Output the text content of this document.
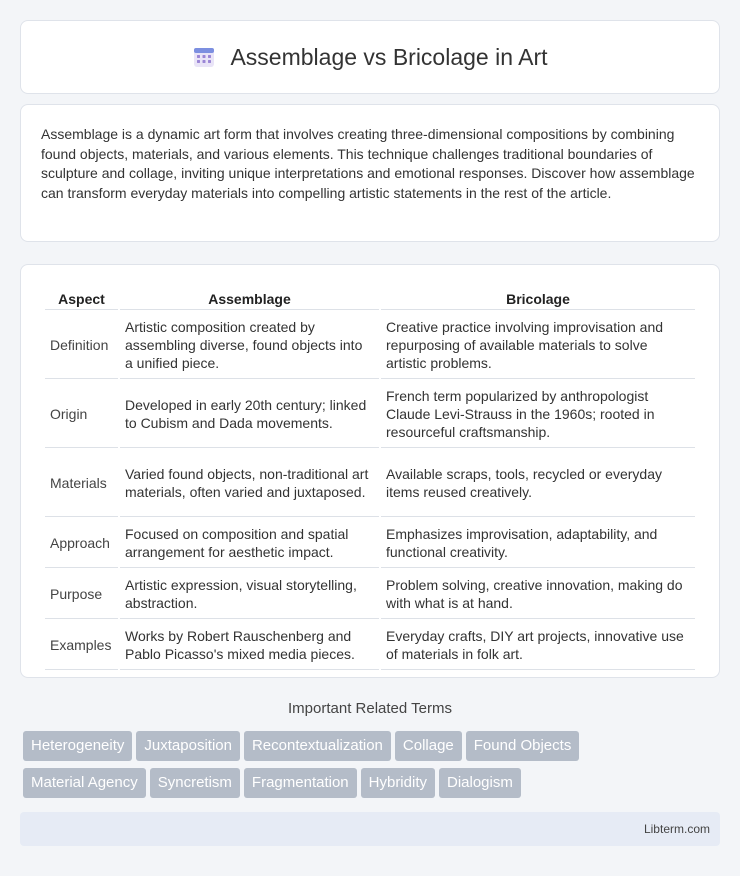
Assemblage vs Bricolage in Art

Assemblage is a dynamic art form that involves creating three-dimensional compositions by combining found objects, materials, and various elements. This technique challenges traditional boundaries of sculpture and collage, inviting unique interpretations and emotional responses. Discover how assemblage can transform everyday materials into compelling artistic statements in the rest of the article.

Aspect	Assemblage	Bricolage
Definition	Artistic composition created by assembling diverse, found objects into a unified piece.	Creative practice involving improvisation and repurposing of available materials to solve artistic problems.
Origin	Developed in early 20th century; linked to Cubism and Dada movements.	French term popularized by anthropologist Claude Levi-Strauss in the 1960s; rooted in resourceful craftsmanship.
Materials	Varied found objects, non-traditional art materials, often varied and juxtaposed.	Available scraps, tools, recycled or everyday items reused creatively.
Approach	Focused on composition and spatial arrangement for aesthetic impact.	Emphasizes improvisation, adaptability, and functional creativity.
Purpose	Artistic expression, visual storytelling, abstraction.	Problem solving, creative innovation, making do with what is at hand.
Examples	Works by Robert Rauschenberg and Pablo Picasso's mixed media pieces.	Everyday crafts, DIY art projects, innovative use of materials in folk art.
Important Related Terms
Heterogeneity Juxtaposition Recontextualization Collage Found Objects
Material Agency Syncretism Fragmentation Hybridity Dialogism
Libterm.com
